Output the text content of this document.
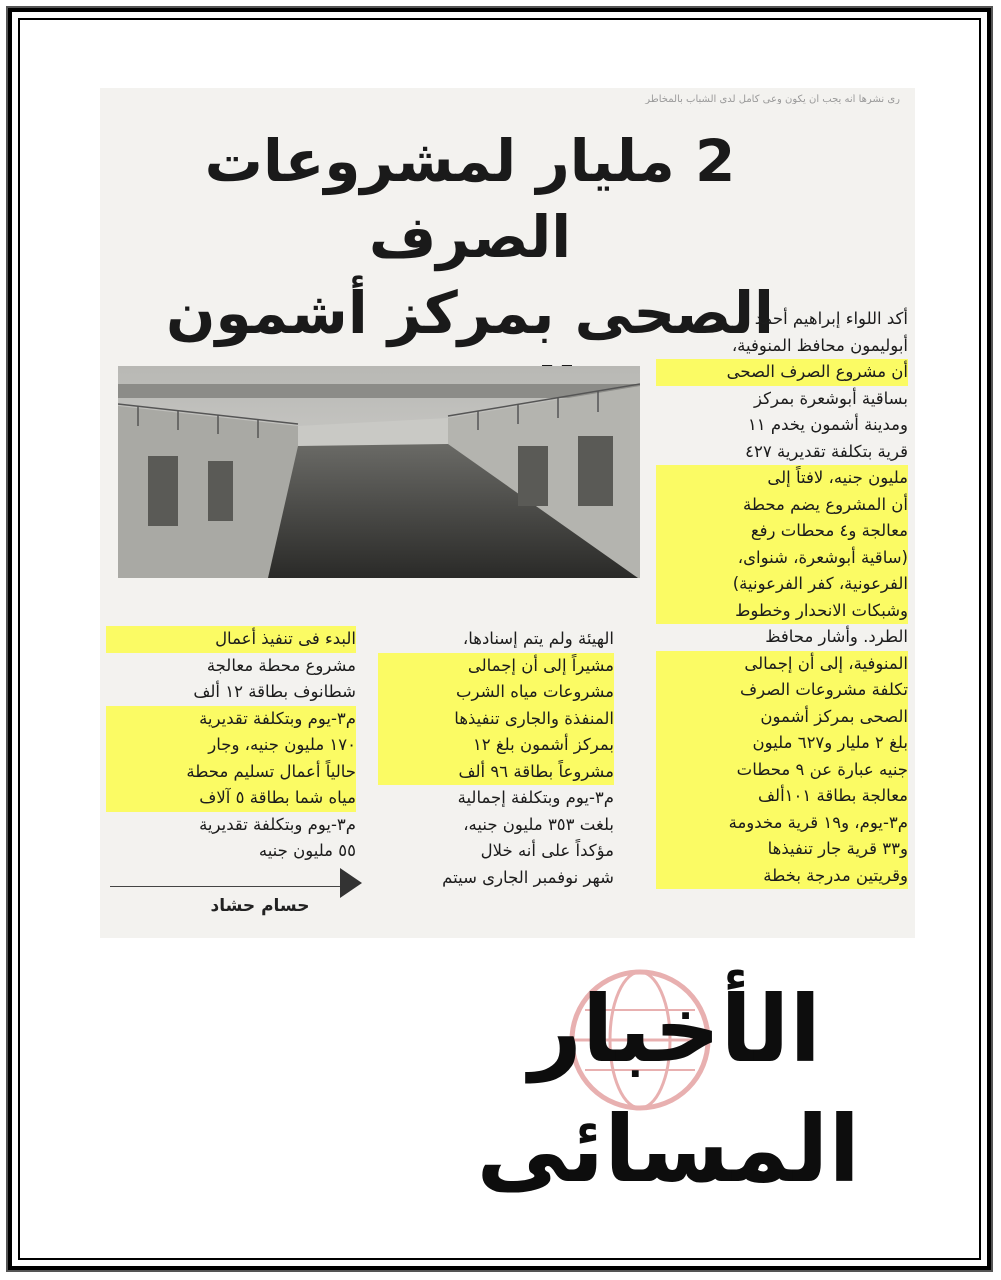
رى نشرها أنه يجب أن يكون وعى كامل لدى الشباب بالمخاطر
2 مليار لمشروعات الصرف
الصحى بمركز أشمون	أكد اللواء إبراهيم أحمد
أبوليمون محافظ المنوفية،
أن مشروع الصرف الصحى
بساقية أبوشعرة بمركز
ومدينة أشمون يخدم ١١
قرية بتكلفة تقديرية ٤٢٧
مليون جنيه، لافتاً إلى
أن المشروع يضم محطة
معالجة و٤ محطات رفع
(ساقية أبوشعرة، شنواى،
الفرعونية، كفر الفرعونية)
وشبكات الانحدار وخطوط
الطرد. وأشار محافظ
المنوفية، إلى أن إجمالى
تكلفة مشروعات الصرف
الصحى بمركز أشمون
بلغ ٢ مليار و٦٢٧ مليون
جنيه عبارة عن ٩ محطات
معالجة بطاقة ١٠١ألف
م٣-يوم، و١٩ قرية مخدومة
و٣٣ قرية جار تنفيذها
وقريتين مدرجة بخطة
الهيئة ولم يتم إسنادها،
مشيراً إلى أن إجمالى
مشروعات مياه الشرب
المنفذة والجارى تنفيذها
بمركز أشمون بلغ ١٢
مشروعاً بطاقة ٩٦ ألف
م٣-يوم وبتكلفة إجمالية
بلغت ٣٥٣ مليون جنيه،
مؤكداً على أنه خلال
شهر نوفمبر الجارى سيتم
البدء فى تنفيذ أعمال
مشروع محطة معالجة
شطانوف بطاقة ١٢ ألف
م٣-يوم وبتكلفة تقديرية
١٧٠ مليون جنيه، وجار
حالياً أعمال تسليم محطة
مياه شما بطاقة ٥ آلاف
م٣-يوم وبتكلفة تقديرية
٥٥ مليون جنيه
حسام حشاد
الأخبار المسائى
